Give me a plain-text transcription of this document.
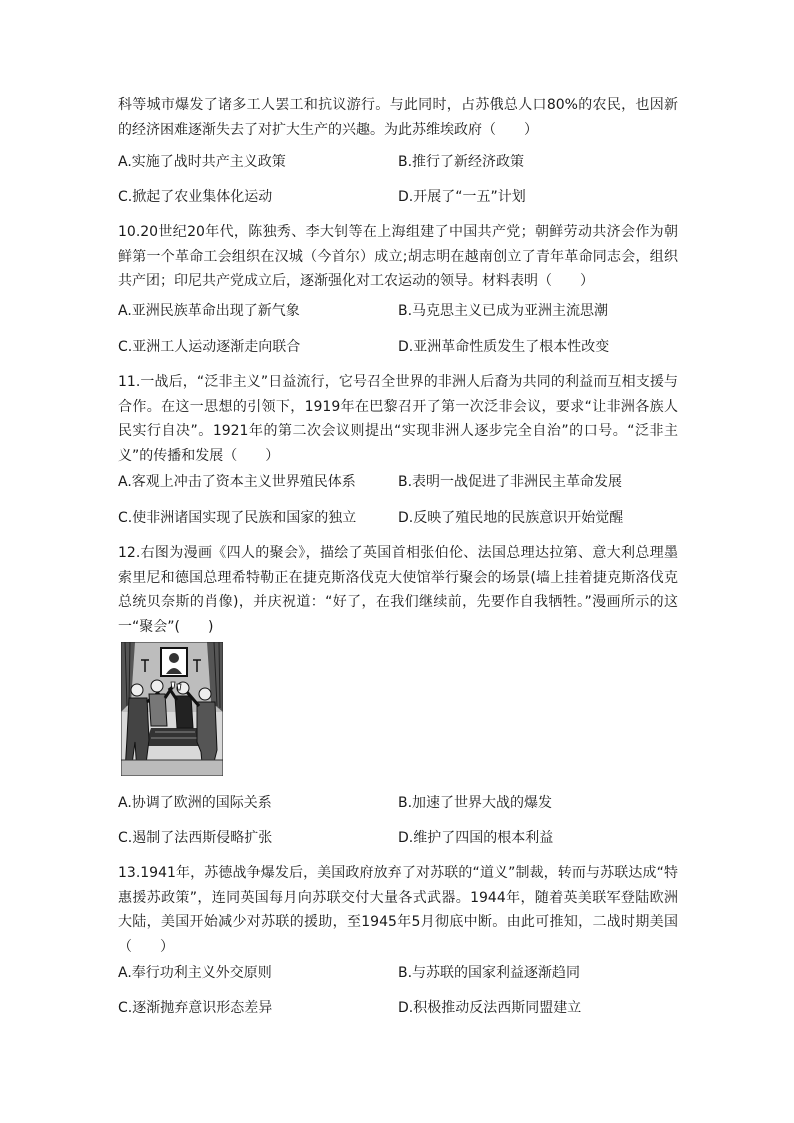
科等城市爆发了诸多工人罢工和抗议游行。与此同时，占苏俄总人口80%的农民，也因新的经济困难逐渐失去了对扩大生产的兴趣。为此苏维埃政府（　　）

A.实施了战时共产主义政策	B.推行了新经济政策
C.掀起了农业集体化运动	D.开展了“一五”计划

10.20世纪20年代，陈独秀、李大钊等在上海组建了中国共产党；朝鲜劳动共济会作为朝鲜第一个革命工会组织在汉城（今首尔）成立;胡志明在越南创立了青年革命同志会，组织共产团；印尼共产党成立后，逐渐强化对工农运动的领导。材料表明（　　）

A.亚洲民族革命出现了新气象	B.马克思主义已成为亚洲主流思潮
C.亚洲工人运动逐渐走向联合	D.亚洲革命性质发生了根本性改变

11.一战后，“泛非主义”日益流行，它号召全世界的非洲人后裔为共同的利益而互相支援与合作。在这一思想的引领下，1919年在巴黎召开了第一次泛非会议，要求“让非洲各族人民实行自决”。1921年的第二次会议则提出“实现非洲人逐步完全自治”的口号。“泛非主义”的传播和发展（　　）

A.客观上冲击了资本主义世界殖民体系	B.表明一战促进了非洲民主革命发展
C.使非洲诸国实现了民族和国家的独立	D.反映了殖民地的民族意识开始觉醒

12.右图为漫画《四人的聚会》，描绘了英国首相张伯伦、法国总理达拉第、意大利总理墨索里尼和德国总理希特勒正在捷克斯洛伐克大使馆举行聚会的场景(墙上挂着捷克斯洛伐克总统贝奈斯的肖像)，并庆祝道：“好了，在我们继续前，先要作自我牺牲。”漫画所示的这一“聚会”(　　)

A.协调了欧洲的国际关系	B.加速了世界大战的爆发
C.遏制了法西斯侵略扩张	D.维护了四国的根本利益

13.1941年，苏德战争爆发后，美国政府放弃了对苏联的“道义”制裁，转而与苏联达成“特惠援苏政策”，连同英国每月向苏联交付大量各式武器。1944年，随着英美联军登陆欧洲大陆，美国开始减少对苏联的援助，至1945年5月彻底中断。由此可推知，二战时期美国（　　）

A.奉行功利主义外交原则	B.与苏联的国家利益逐渐趋同
C.逐渐抛弃意识形态差异	D.积极推动反法西斯同盟建立
